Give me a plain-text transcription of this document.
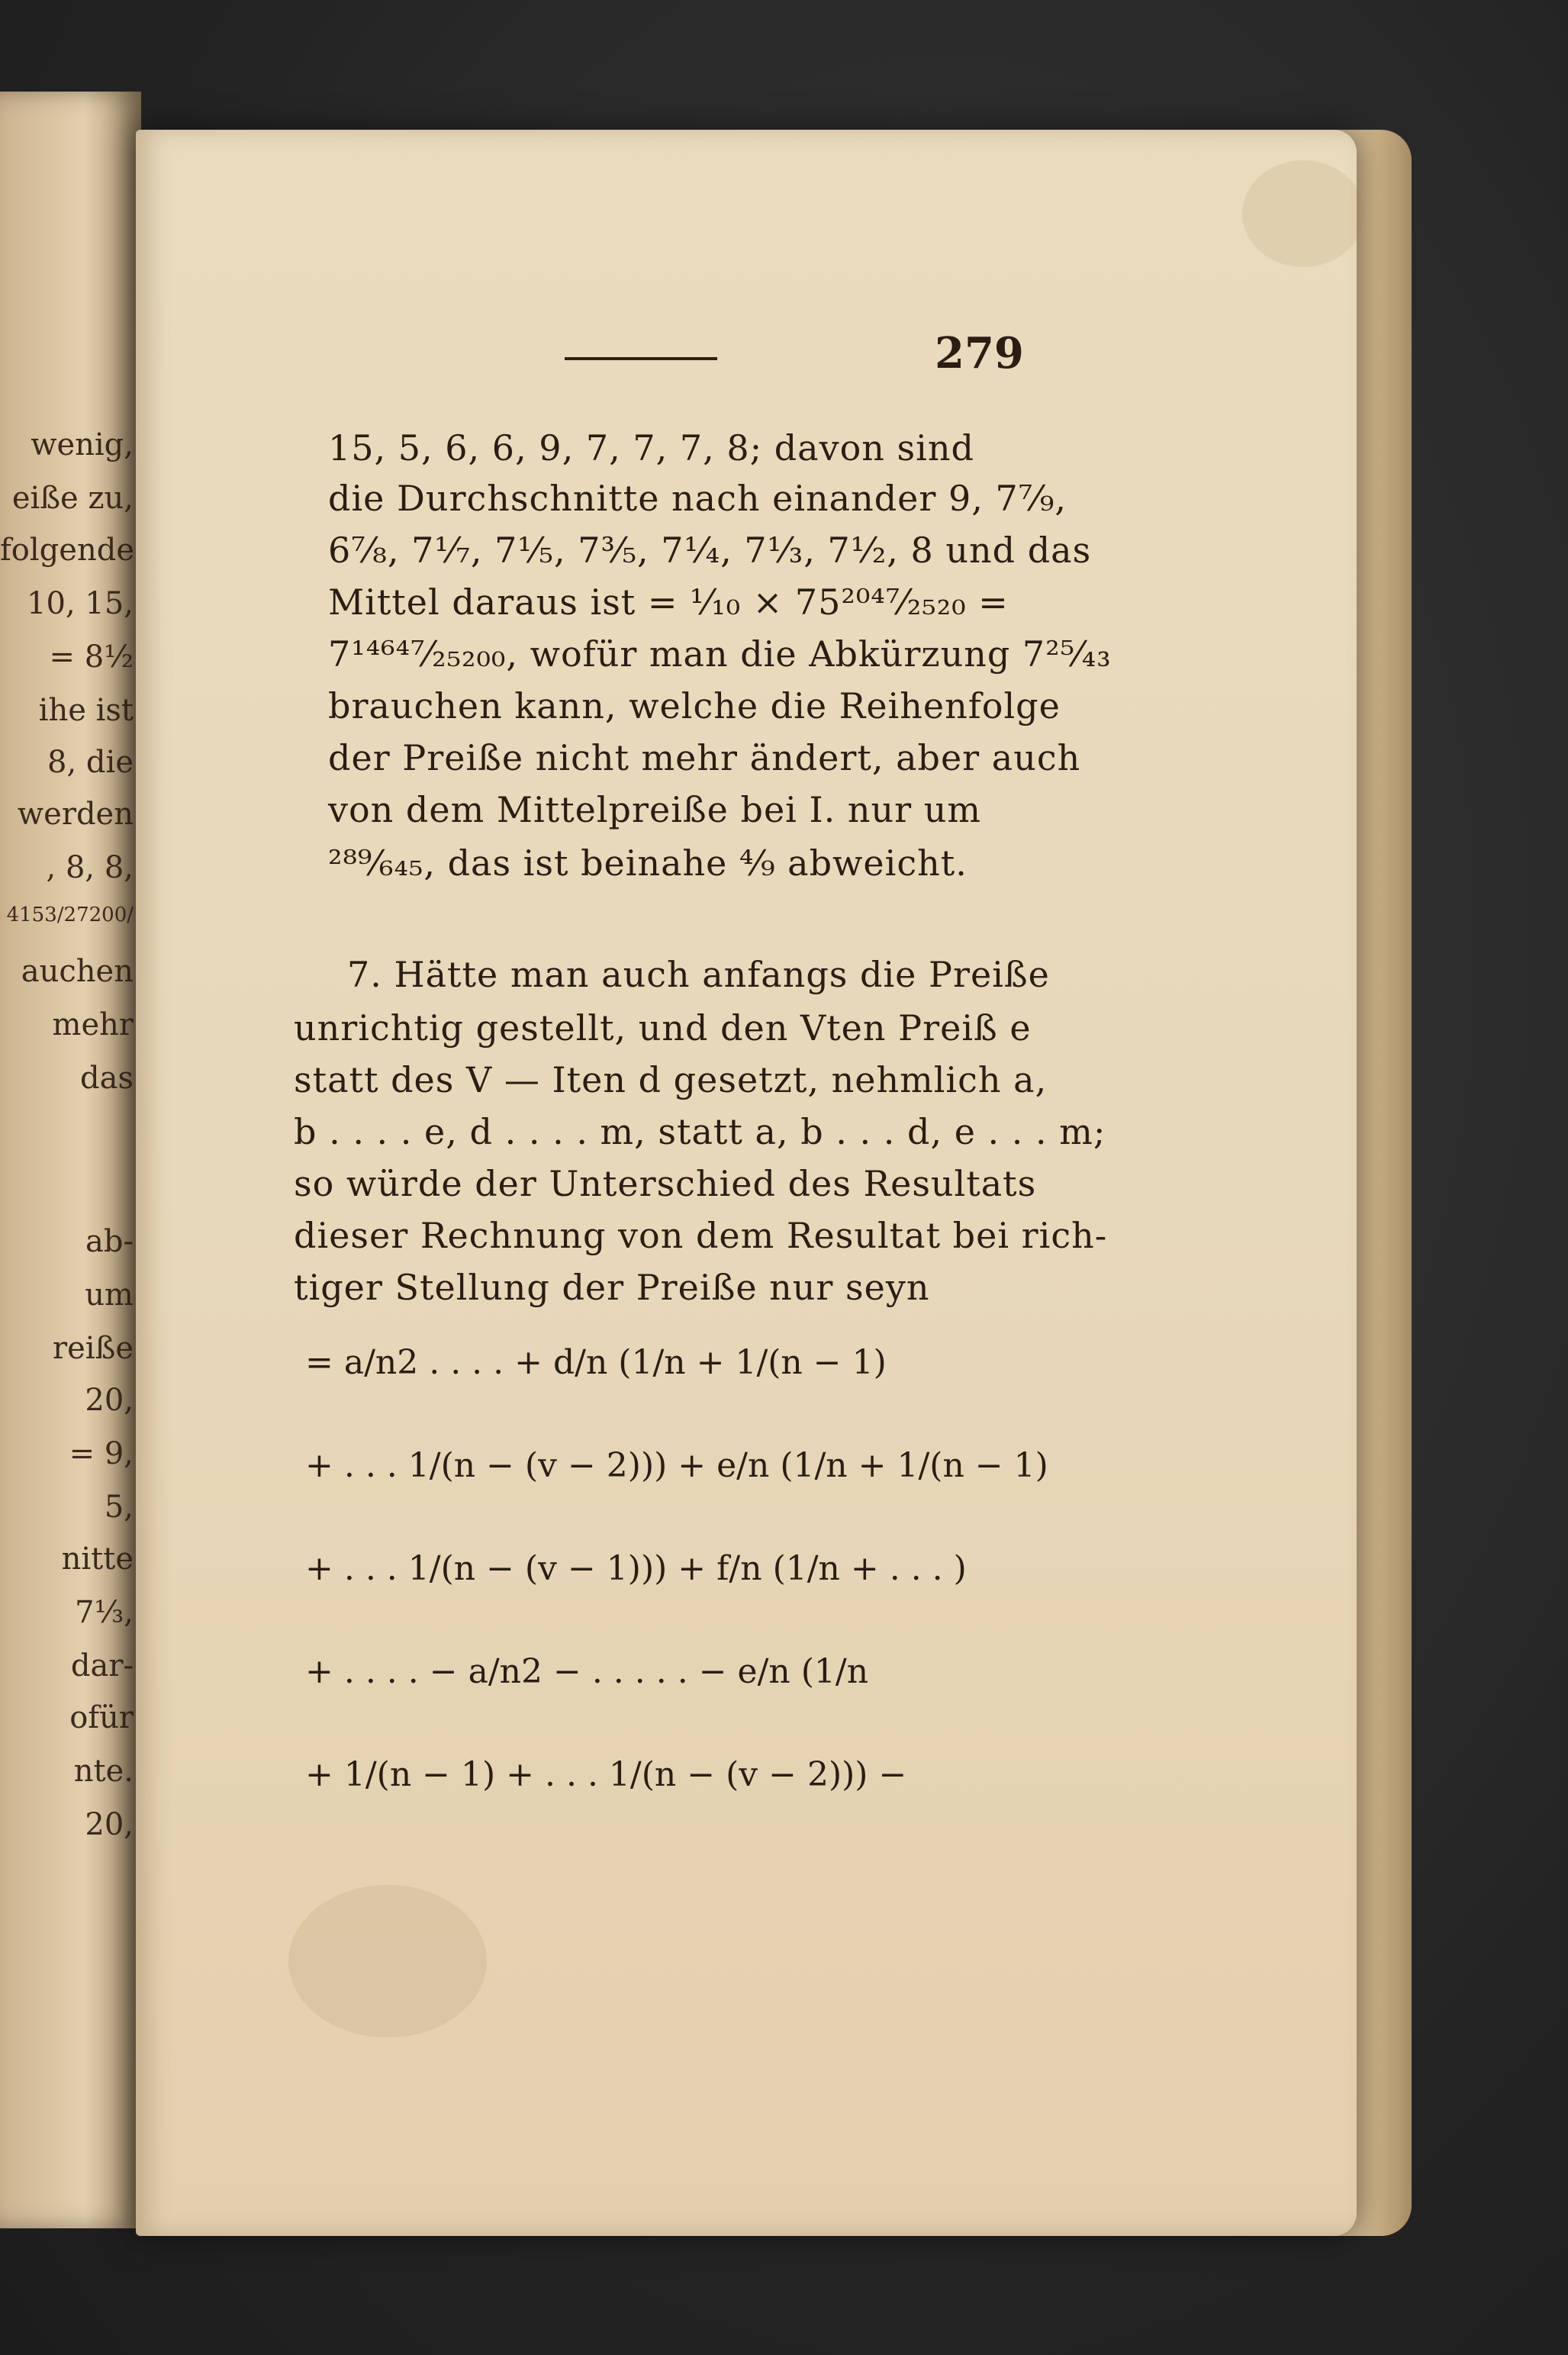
wenig,
eiße zu,
folgende
10, 15,
= 8½
ihe ist
8, die
werden
, 8, 8,
4153/27200/
auchen
mehr
das
ab-
um
reiße
20,
= 9,
5,
nitte
7⅓,
dar-
ofür
nte.
20,
279
15, 5, 6, 6, 9, 7, 7, 7, 8; davon sind
die Durchschnitte nach einander 9, 7⁷⁄₉,
6⁷⁄₈, 7¹⁄₇, 7¹⁄₅, 7³⁄₅, 7¹⁄₄, 7¹⁄₃, 7¹⁄₂, 8 und das
Mittel daraus ist = ¹⁄₁₀ × 75²⁰⁴⁷⁄₂₅₂₀ =
7¹⁴⁶⁴⁷⁄₂₅₂₀₀, wofür man die Abkürzung 7²⁵⁄₄₃
brauchen kann, welche die Reihenfolge
der Preiße nicht mehr ändert, aber auch
von dem Mittelpreiße bei I. nur um
²⁸⁹⁄₆₄₅, das ist beinahe ⁴⁄₉ abweicht.
7. Hätte man auch anfangs die Preiße
unrichtig gestellt, und den Vten Preiß e
statt des V — Iten d gesetzt, nehmlich a,
b . . . . e, d . . . . m, statt a, b . . . d, e . . . m;
so würde der Unterschied des Resultats
dieser Rechnung von dem Resultat bei rich-
tiger Stellung der Preiße nur seyn
= a/n2 . . . . + d/n (1/n + 1/(n − 1)
+ . . . 1/(n − (v − 2))) + e/n (1/n + 1/(n − 1)
+ . . . 1/(n − (v − 1))) + f/n (1/n + . . . )
+ . . . . − a/n2 − . . . . . − e/n (1/n
+ 1/(n − 1) + . . . 1/(n − (v − 2))) −
